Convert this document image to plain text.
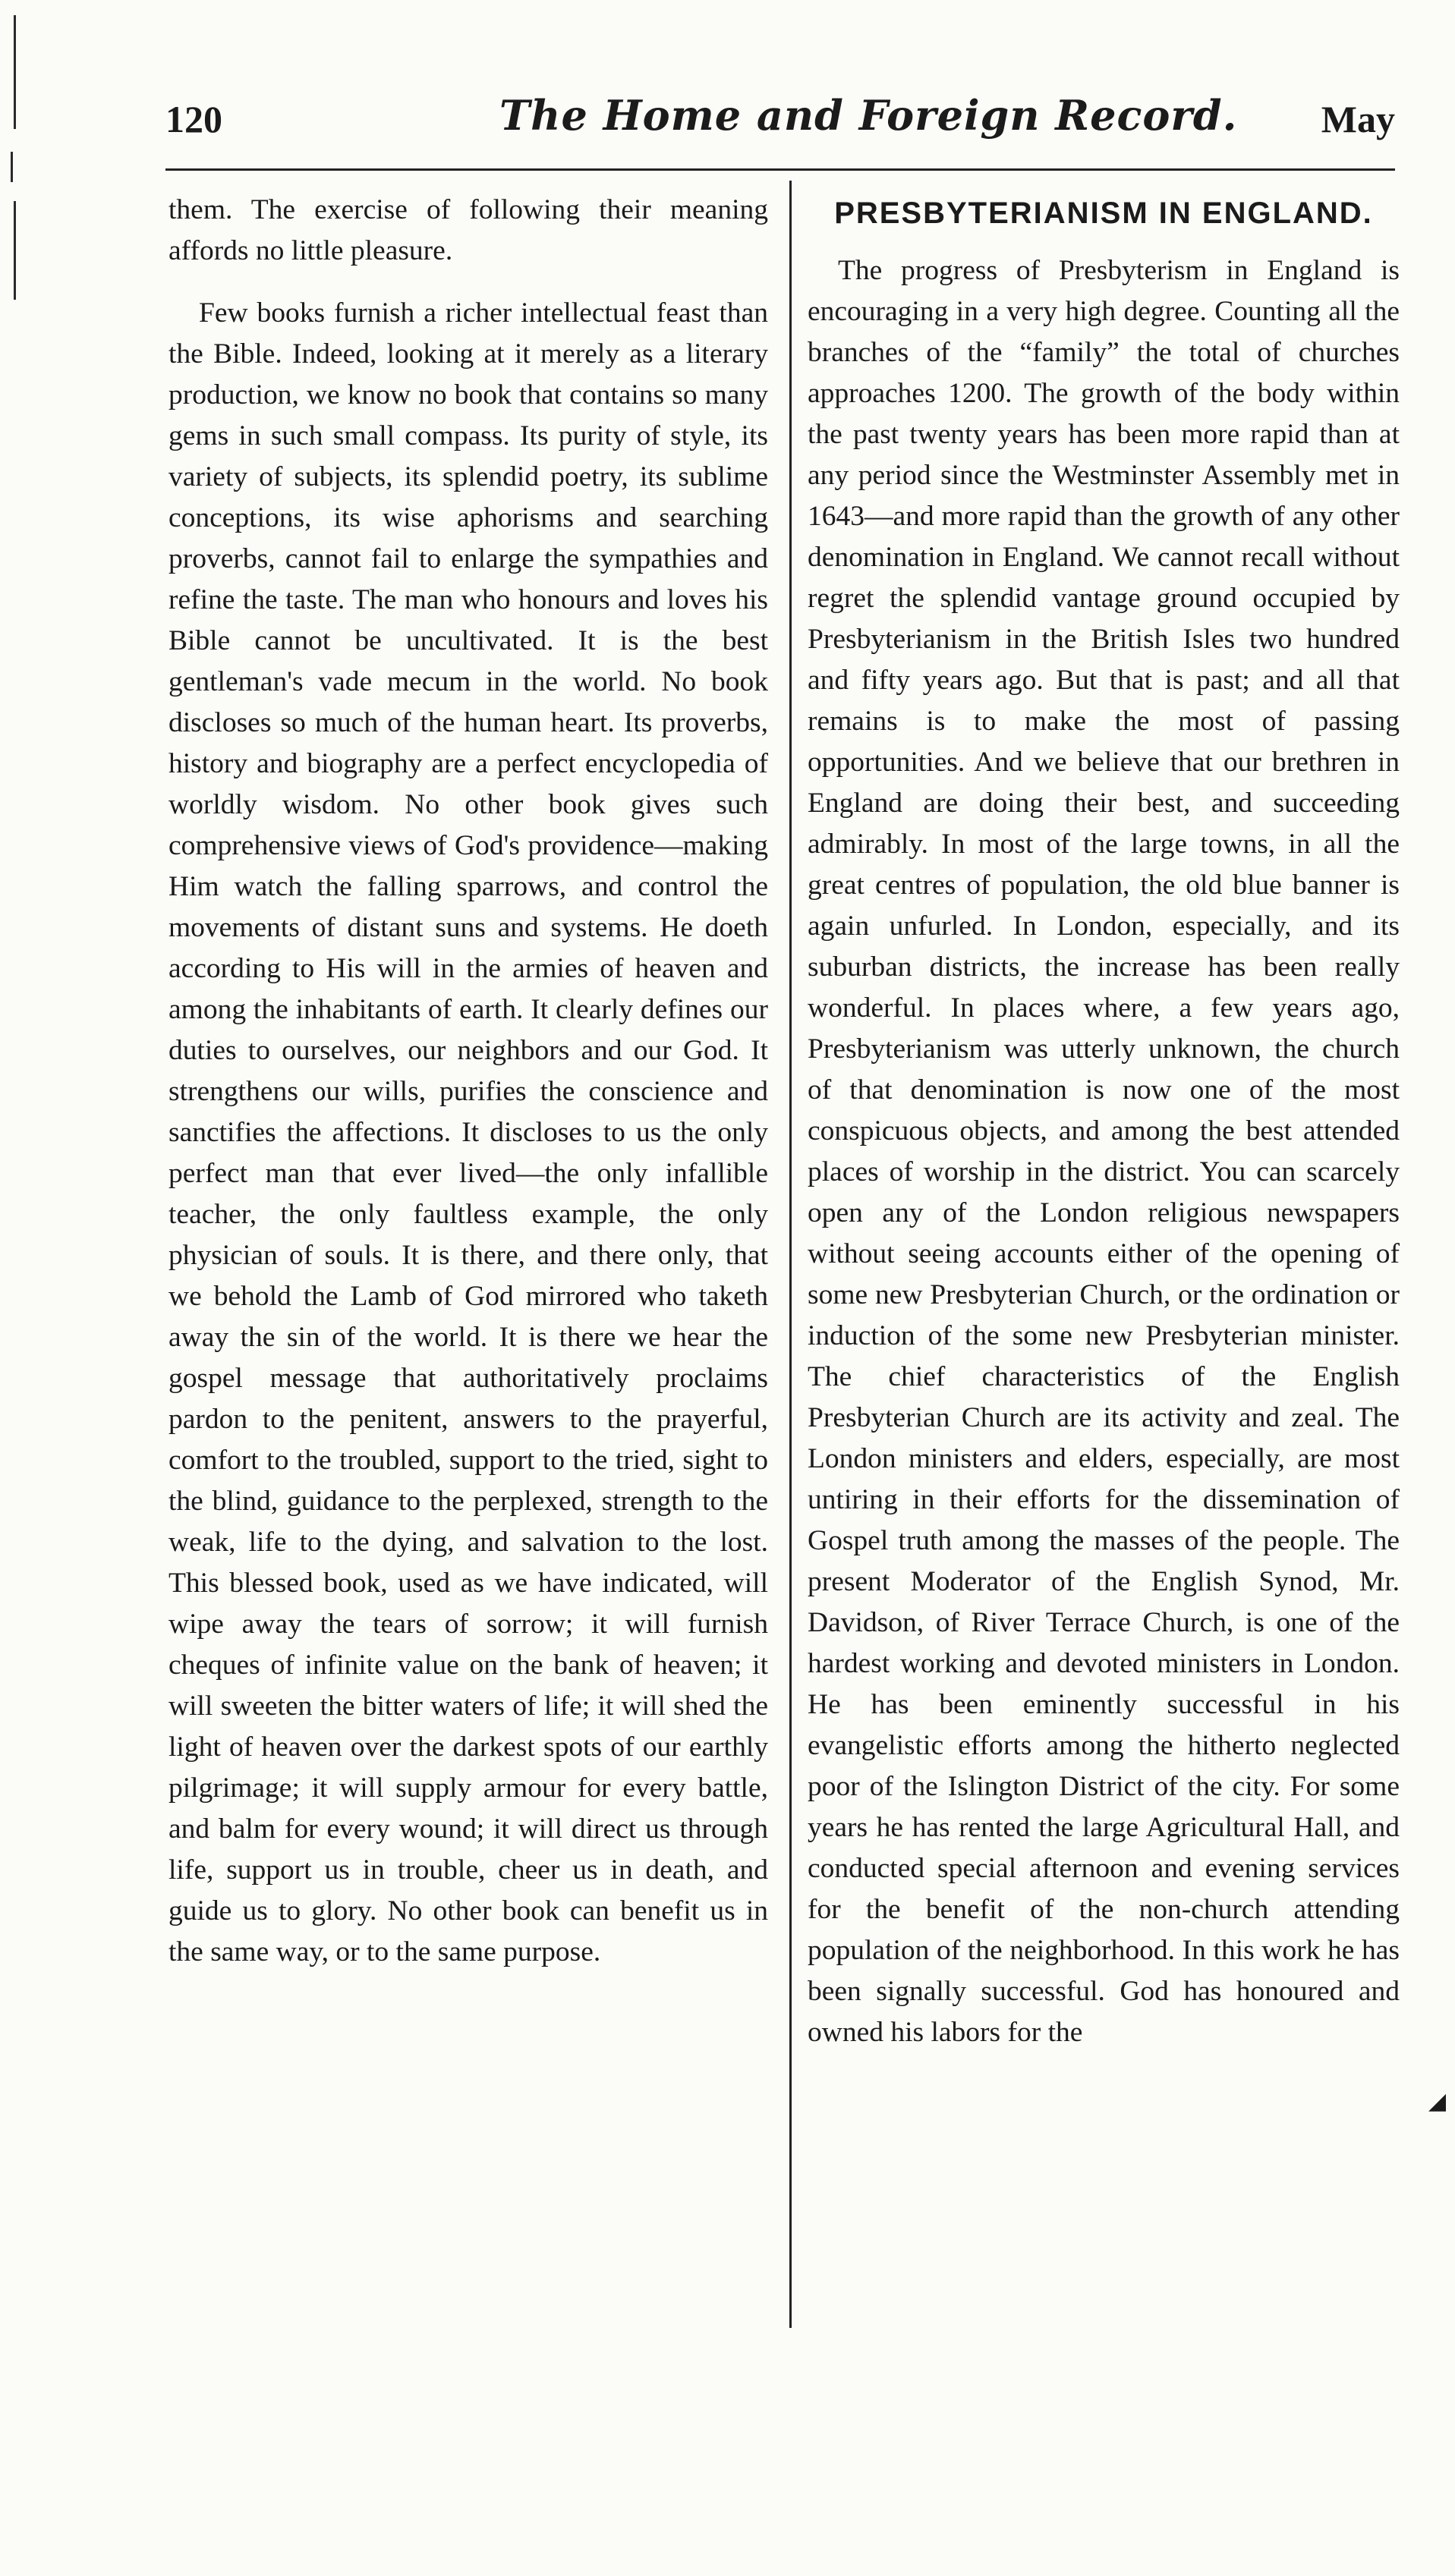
120	The Home and Foreign Record. May

them. The exercise of following their meaning affords no little pleasure.

Few books furnish a richer intellectual feast than the Bible. Indeed, looking at it merely as a literary production, we know no book that contains so many gems in such small compass. Its purity of style, its variety of subjects, its splendid poetry, its sublime conceptions, its wise aphorisms and searching proverbs, cannot fail to enlarge the sympathies and refine the taste. The man who honours and loves his Bible cannot be uncultivated. It is the best gentleman's vade mecum in the world. No book discloses so much of the human heart. Its proverbs, history and biography are a perfect encyclopedia of worldly wisdom. No other book gives such comprehensive views of God's providence—making Him watch the falling sparrows, and control the movements of distant suns and systems. He doeth according to His will in the armies of heaven and among the inhabitants of earth. It clearly defines our duties to ourselves, our neighbors and our God. It strengthens our wills, purifies the conscience and sanctifies the affections. It discloses to us the only perfect man that ever lived—the only infallible teacher, the only faultless example, the only physician of souls. It is there, and there only, that we behold the Lamb of God mirrored who taketh away the sin of the world. It is there we hear the gospel message that authoritatively proclaims pardon to the penitent, answers to the prayerful, comfort to the troubled, support to the tried, sight to the blind, guidance to the perplexed, strength to the weak, life to the dying, and salvation to the lost. This blessed book, used as we have indicated, will wipe away the tears of sorrow; it will furnish cheques of infinite value on the bank of heaven; it will sweeten the bitter waters of life; it will shed the light of heaven over the darkest spots of our earthly pilgrimage; it will supply armour for every battle, and balm for every wound; it will direct us through life, support us in trouble, cheer us in death, and guide us to glory. No other book can benefit us in the same way, or to the same purpose.

PRESBYTERIANISM IN ENGLAND.

The progress of Presbyterism in England is encouraging in a very high degree. Counting all the branches of the “family” the total of churches approaches 1200. The growth of the body within the past twenty years has been more rapid than at any period since the Westminster Assembly met in 1643—and more rapid than the growth of any other denomination in England. We cannot recall without regret the splendid vantage ground occupied by Presbyterianism in the British Isles two hundred and fifty years ago. But that is past; and all that remains is to make the most of passing opportunities. And we believe that our brethren in England are doing their best, and succeeding admirably. In most of the large towns, in all the great centres of population, the old blue banner is again unfurled. In London, especially, and its suburban districts, the increase has been really wonderful. In places where, a few years ago, Presbyterianism was utterly unknown, the church of that denomination is now one of the most conspicuous objects, and among the best attended places of worship in the district. You can scarcely open any of the London religious newspapers without seeing accounts either of the opening of some new Presbyterian Church, or the ordination or induction of the some new Presbyterian minister. The chief characteristics of the English Presbyterian Church are its activity and zeal. The London ministers and elders, especially, are most untiring in their efforts for the dissemination of Gospel truth among the masses of the people. The present Moderator of the English Synod, Mr. Davidson, of River Terrace Church, is one of the hardest working and devoted ministers in London. He has been eminently successful in his evangelistic efforts among the hitherto neglected poor of the Islington District of the city. For some years he has rented the large Agricultural Hall, and conducted special afternoon and evening services for the benefit of the non-church attending population of the neighborhood. In this work he has been signally successful. God has honoured and owned his labors for the

◢
